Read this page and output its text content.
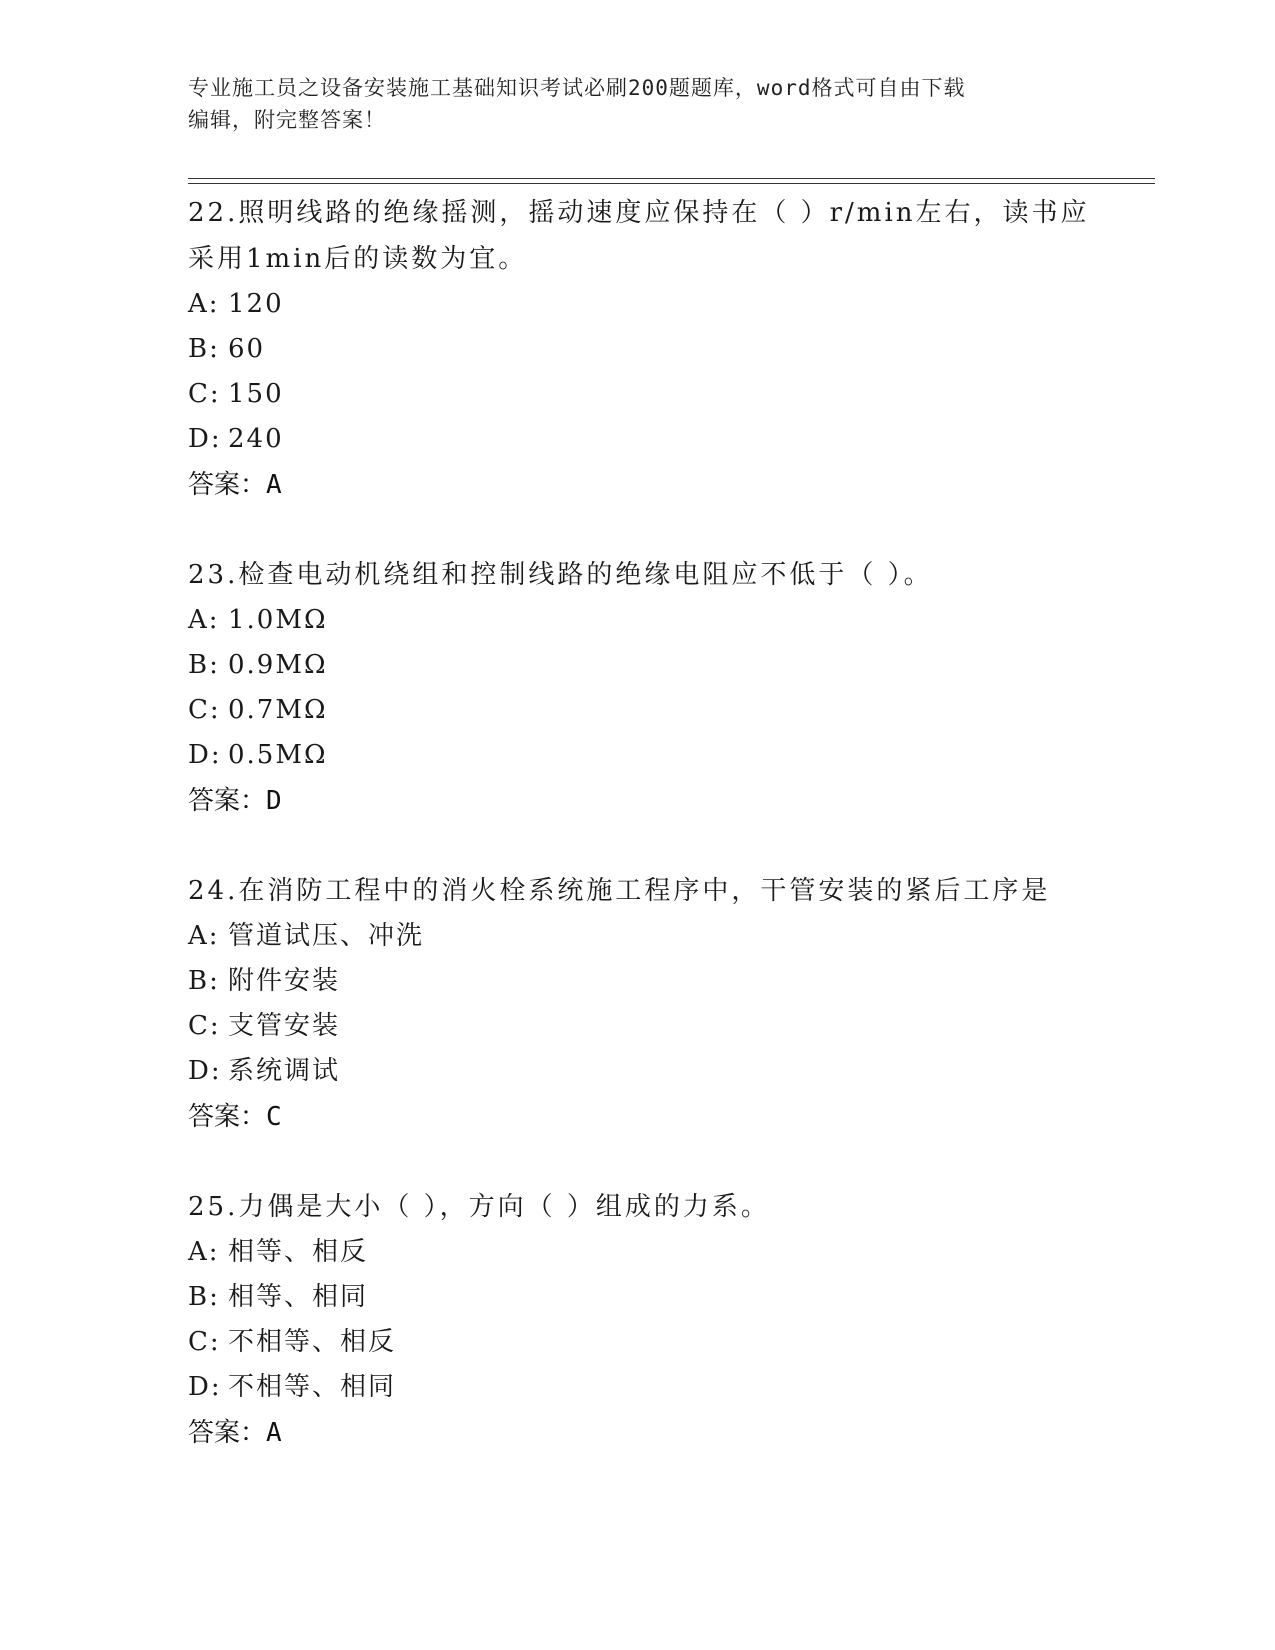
专业施工员之设备安装施工基础知识考试必刷200题题库，word格式可自由下载
编辑，附完整答案！
22.照明线路的绝缘摇测，摇动速度应保持在（ ）r/min左右，读书应
采用1min后的读数为宜。
A: 120
B: 60
C: 150
D: 240
答案：A
23.检查电动机绕组和控制线路的绝缘电阻应不低于（ ）。
A: 1.0MΩ
B: 0.9MΩ
C: 0.7MΩ
D: 0.5MΩ
答案：D
24.在消防工程中的消火栓系统施工程序中，干管安装的紧后工序是
A: 管道试压、冲洗
B: 附件安装
C: 支管安装
D: 系统调试
答案：C
25.力偶是大小（ ），方向（ ）组成的力系。
A: 相等、相反
B: 相等、相同
C: 不相等、相反
D: 不相等、相同
答案：A
